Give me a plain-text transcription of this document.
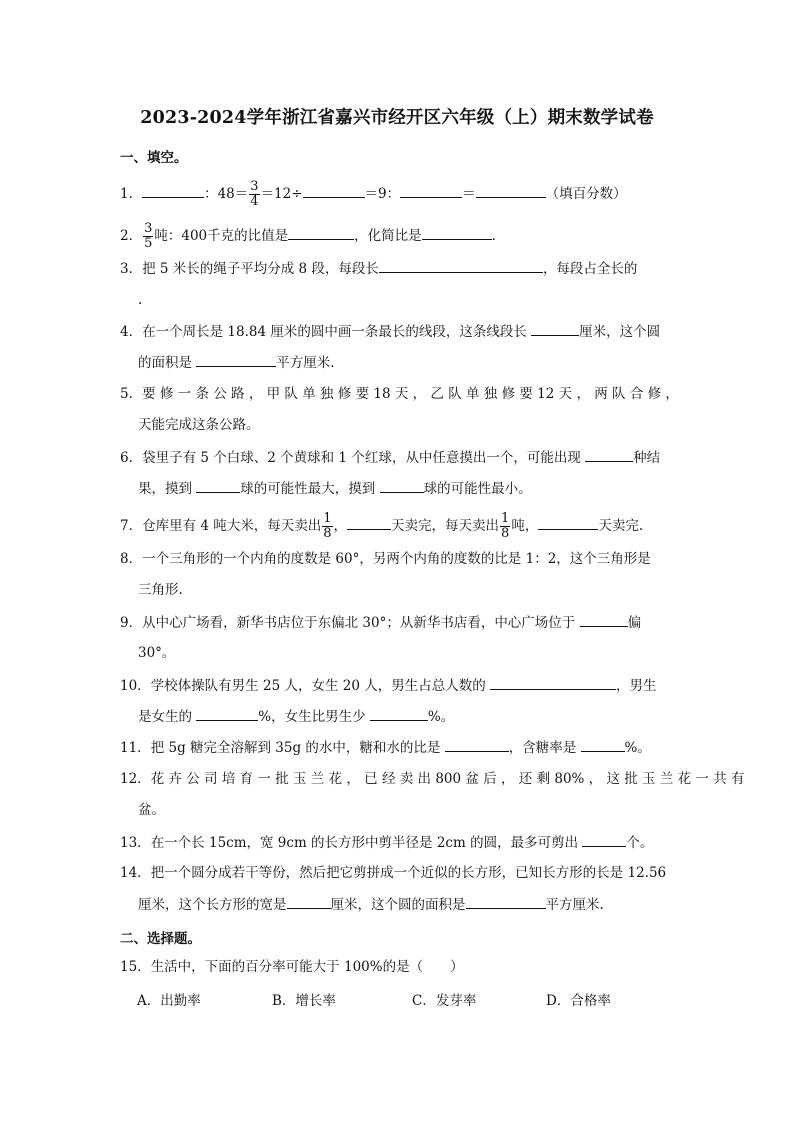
2023-2024学年浙江省嘉兴市经开区六年级（上）期末数学试卷
一、填空。
1．	：$48= \frac{3}{4} =12\div$	＝9：	＝	（填百分数）
2． $\frac{3}{5}$ 吨：400千克的比值是	，化简比是	.
3．把 5 米长的绳子平均分成 8 段，每段长	，每段占全长的
.
4．在一个周长是 18.84 厘米的圆中画一条最长的线段，这条线段长	厘米，这个圆
的面积是	平方厘米.
5．要 修 一 条 公 路 ， 甲 队 单 独 修 要 18 天 ， 乙 队 单 独 修 要 12 天 ， 两 队 合 修 ，
天能完成这条公路。
6．袋里子有 5 个白球、2 个黄球和 1 个红球，从中任意摸出一个，可能出现	种结
果，摸到	球的可能性最大，摸到	球的可能性最小。
7．仓库里有 4 吨大米，每天卖出 $\frac{1}{8}$ ，	天卖完，每天卖出 $\frac{1}{8}$ 吨，	天卖完.
8．一个三角形的一个内角的度数是 60°，另两个内角的度数的比是 1：2，这个三角形是
三角形.
9．从中心广场看，新华书店位于东偏北 30°；从新华书店看，中心广场位于	偏
30°。
10．学校体操队有男生 25 人，女生 20 人，男生占总人数的	，男生
是女生的	%，女生比男生少	%。
11．把 5g 糖完全溶解到 35g 的水中，糖和水的比是	，含糖率是	%。
12．花 卉 公 司 培 育 一 批 玉 兰 花 ， 已 经 卖 出 800 盆 后 ， 还 剩 80% ， 这 批 玉 兰 花 一 共 有
盆。
13．在一个长 15cm，宽 9cm 的长方形中剪半径是 2cm 的圆，最多可剪出	个。
14．把一个圆分成若干等份，然后把它剪拼成一个近似的长方形，已知长方形的长是 12.56
厘米，这个长方形的宽是	厘米，这个圆的面积是	平方厘米.
二、选择题。
15．生活中，下面的百分率可能大于 100%的是（　　）
A．出勤率	B．增长率	C．发芽率	D．合格率
